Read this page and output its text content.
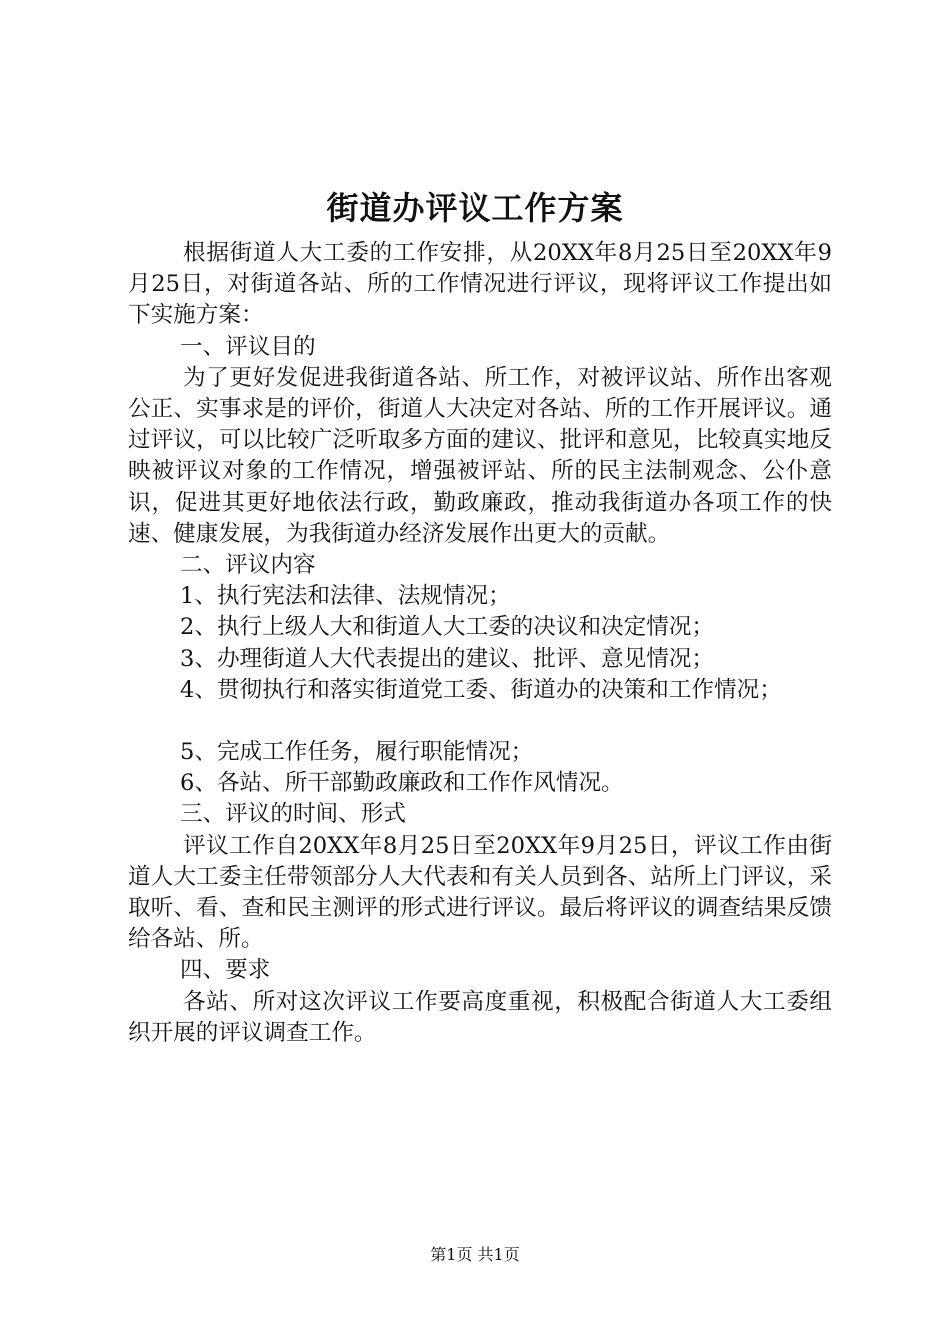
街道办评议工作方案

根据街道人大工委的工作安排，从20XX年8月25日至20XX年9月25日，对街道各站、所的工作情况进行评议，现将评议工作提出如下实施方案：

一、评议目的

为了更好发促进我街道各站、所工作，对被评议站、所作出客观公正、实事求是的评价，街道人大决定对各站、所的工作开展评议。通过评议，可以比较广泛听取多方面的建议、批评和意见，比较真实地反映被评议对象的工作情况，增强被评站、所的民主法制观念、公仆意识，促进其更好地依法行政，勤政廉政，推动我街道办各项工作的快速、健康发展，为我街道办经济发展作出更大的贡献。

二、评议内容

1、执行宪法和法律、法规情况；

2、执行上级人大和街道人大工委的决议和决定情况；

3、办理街道人大代表提出的建议、批评、意见情况；

4、贯彻执行和落实街道党工委、街道办的决策和工作情况；

5、完成工作任务，履行职能情况；

6、各站、所干部勤政廉政和工作作风情况。

三、评议的时间、形式

评议工作自20XX年8月25日至20XX年9月25日，评议工作由街道人大工委主任带领部分人大代表和有关人员到各、站所上门评议，采取听、看、查和民主测评的形式进行评议。最后将评议的调查结果反馈给各站、所。

四、要求

各站、所对这次评议工作要高度重视，积极配合街道人大工委组织开展的评议调查工作。

第1页 共1页
